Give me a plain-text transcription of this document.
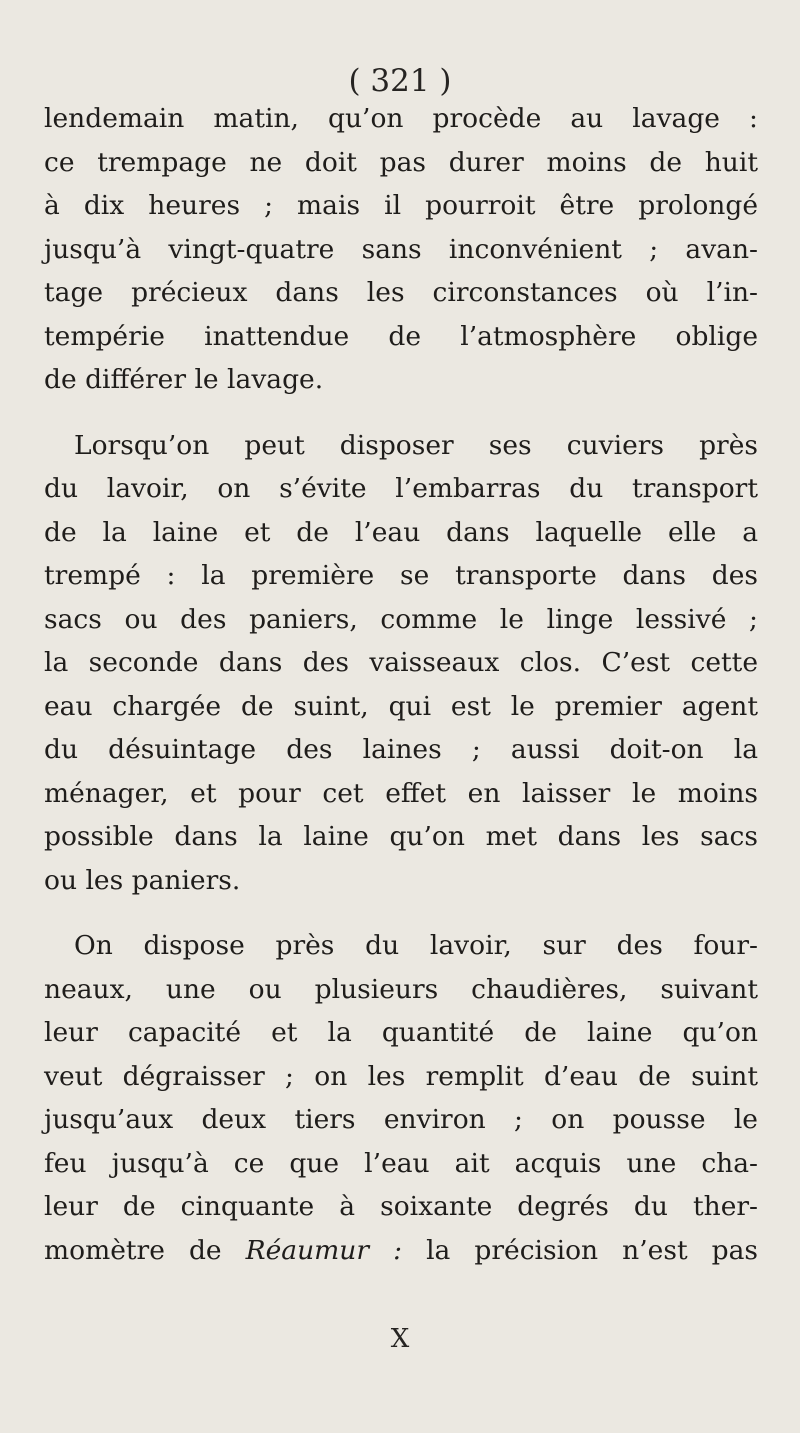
( 321 )

lendemain matin, qu’on procède au lavage :
ce trempage ne doit pas durer moins de huit
à dix heures ; mais il pourroit être prolongé
jusqu’à vingt-quatre sans inconvénient ; avan-
tage précieux dans les circonstances où l’in-
tempérie inattendue de l’atmosphère oblige
de différer le lavage.

Lorsqu’on peut disposer ses cuviers près
du lavoir, on s’évite l’embarras du transport
de la laine et de l’eau dans laquelle elle a
trempé : la première se transporte dans des
sacs ou des paniers, comme le linge lessivé ;
la seconde dans des vaisseaux clos. C’est cette
eau chargée de suint, qui est le premier agent
du désuintage des laines ; aussi doit-on la
ménager, et pour cet effet en laisser le moins
possible dans la laine qu’on met dans les sacs
ou les paniers.

On dispose près du lavoir, sur des four-
neaux, une ou plusieurs chaudières, suivant
leur capacité et la quantité de laine qu’on
veut dégraisser ; on les remplit d’eau de suint
jusqu’aux deux tiers environ ; on pousse le
feu jusqu’à ce que l’eau ait acquis une cha-
leur de cinquante à soixante degrés du ther-
momètre de Réaumur : la précision n’est pas

X
